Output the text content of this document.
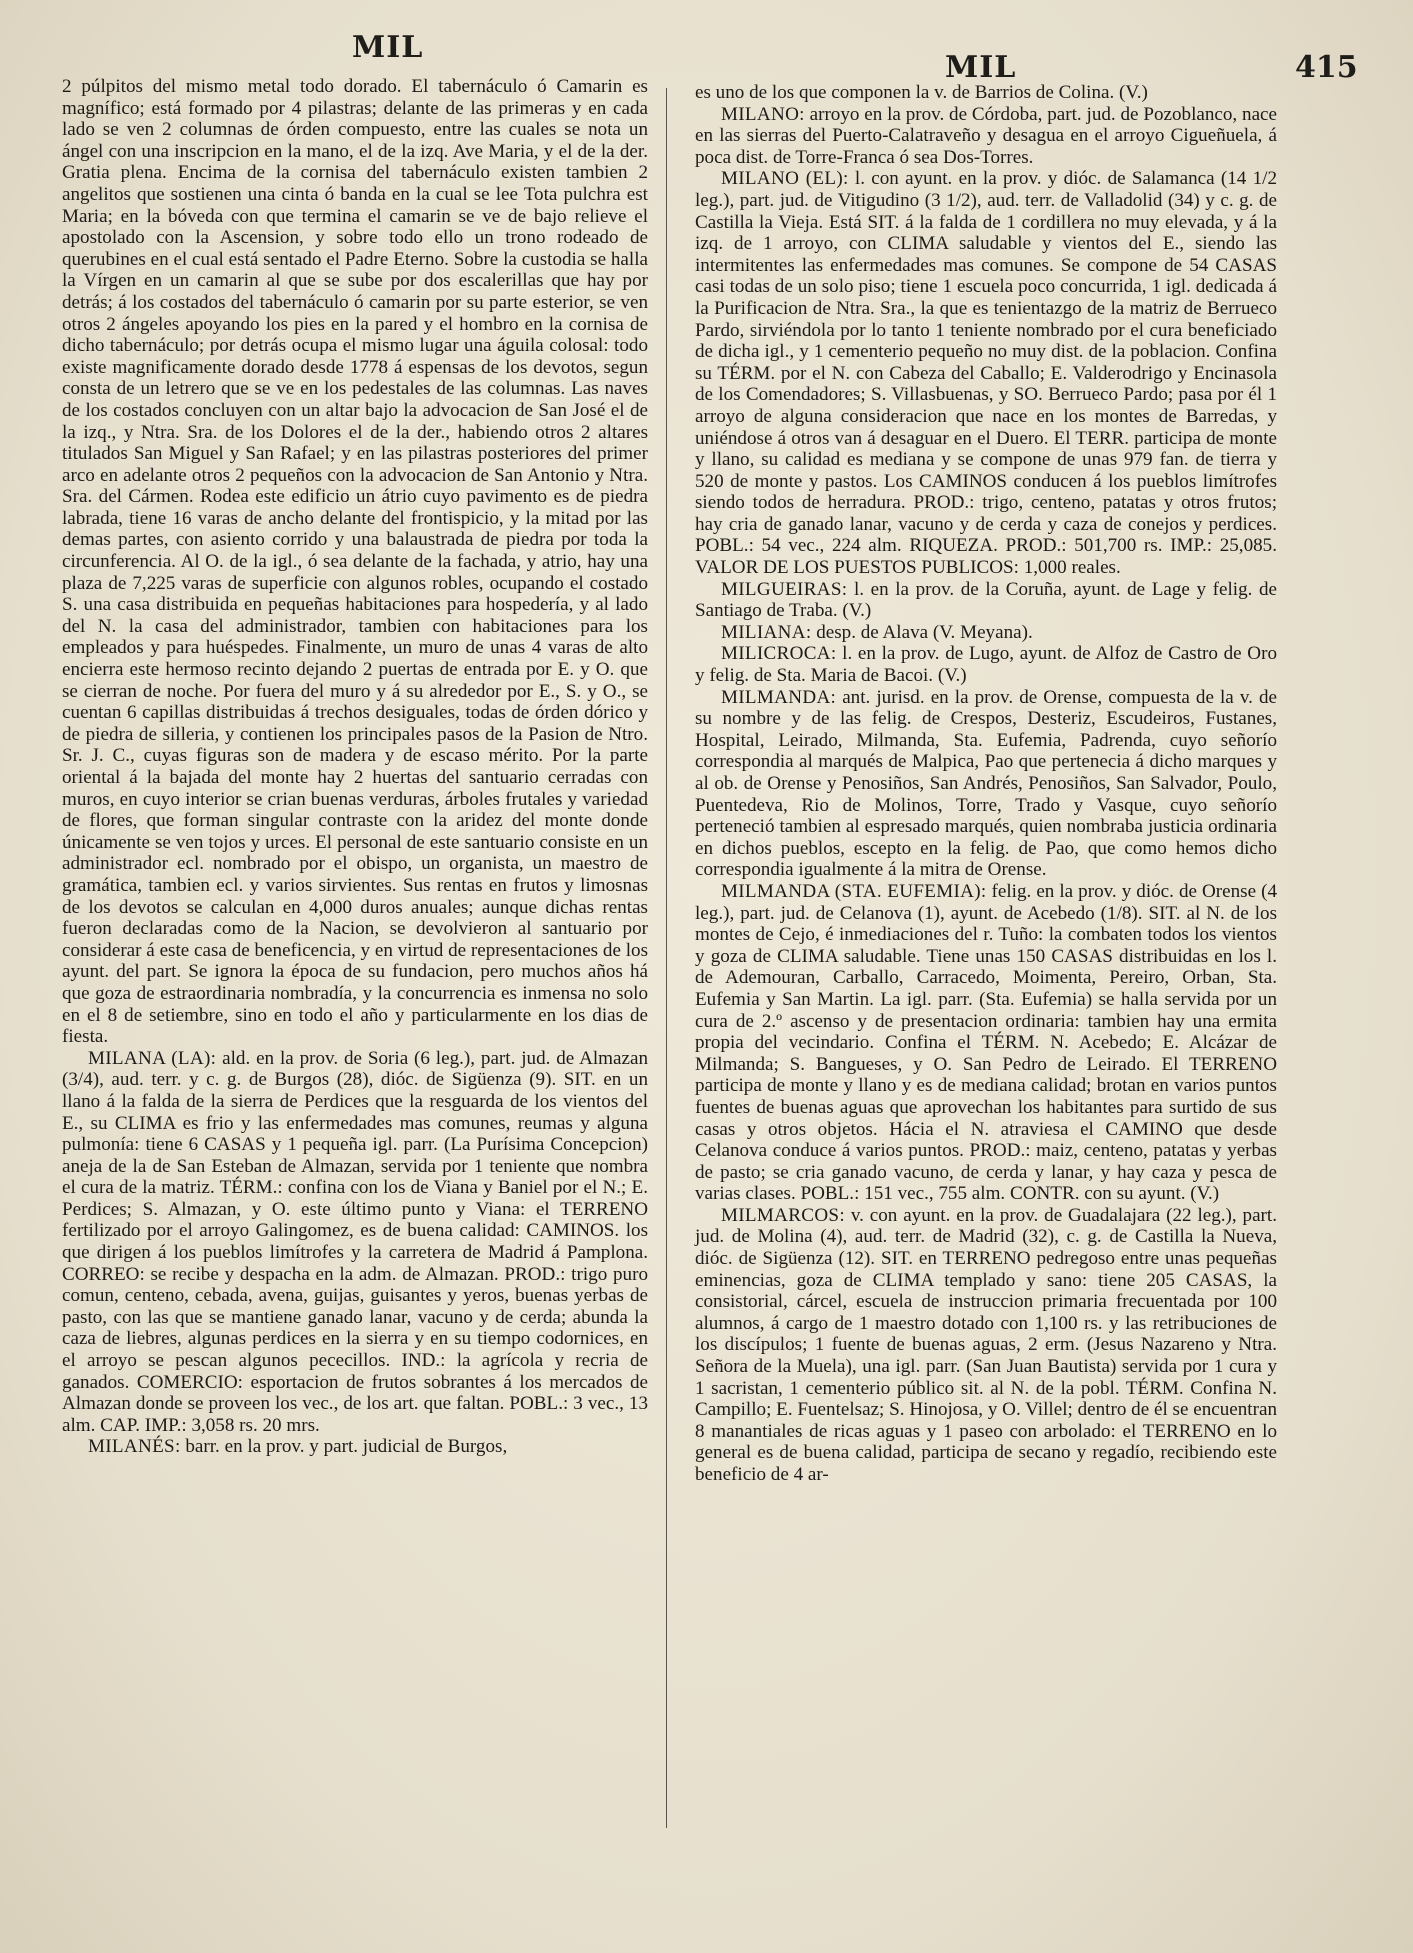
MIL
MIL	415

2 púlpitos del mismo metal todo dorado. El tabernáculo ó Camarin es magnífico; está formado por 4 pilastras; delante de las primeras y en cada lado se ven 2 columnas de órden compuesto, entre las cuales se nota un ángel con una inscripcion en la mano, el de la izq. Ave Maria, y el de la der. Gratia plena. Encima de la cornisa del tabernáculo existen tambien 2 angelitos que sostienen una cinta ó banda en la cual se lee Tota pulchra est Maria; en la bóveda con que termina el camarin se ve de bajo relieve el apostolado con la Ascension, y sobre todo ello un trono rodeado de querubines en el cual está sentado el Padre Eterno. Sobre la custodia se halla la Vírgen en un camarin al que se sube por dos escalerillas que hay por detrás; á los costados del tabernáculo ó camarin por su parte esterior, se ven otros 2 ángeles apoyando los pies en la pared y el hombro en la cornisa de dicho tabernáculo; por detrás ocupa el mismo lugar una águila colosal: todo existe magnificamente dorado desde 1778 á espensas de los devotos, segun consta de un letrero que se ve en los pedestales de las columnas. Las naves de los costados concluyen con un altar bajo la advocacion de San José el de la izq., y Ntra. Sra. de los Dolores el de la der., habiendo otros 2 altares titulados San Miguel y San Rafael; y en las pilastras posteriores del primer arco en adelante otros 2 pequeños con la advocacion de San Antonio y Ntra. Sra. del Cármen. Rodea este edificio un átrio cuyo pavimento es de piedra labrada, tiene 16 varas de ancho delante del frontispicio, y la mitad por las demas partes, con asiento corrido y una balaustrada de piedra por toda la circunferencia. Al O. de la igl., ó sea delante de la fachada, y atrio, hay una plaza de 7,225 varas de superficie con algunos robles, ocupando el costado S. una casa distribuida en pequeñas habitaciones para hospedería, y al lado del N. la casa del administrador, tambien con habitaciones para los empleados y para huéspedes. Finalmente, un muro de unas 4 varas de alto encierra este hermoso recinto dejando 2 puertas de entrada por E. y O. que se cierran de noche. Por fuera del muro y á su alrededor por E., S. y O., se cuentan 6 capillas distribuidas á trechos desiguales, todas de órden dórico y de piedra de silleria, y contienen los principales pasos de la Pasion de Ntro. Sr. J. C., cuyas figuras son de madera y de escaso mérito. Por la parte oriental á la bajada del monte hay 2 huertas del santuario cerradas con muros, en cuyo interior se crian buenas verduras, árboles frutales y variedad de flores, que forman singular contraste con la aridez del monte donde únicamente se ven tojos y urces. El personal de este santuario consiste en un administrador ecl. nombrado por el obispo, un organista, un maestro de gramática, tambien ecl. y varios sirvientes. Sus rentas en frutos y limosnas de los devotos se calculan en 4,000 duros anuales; aunque dichas rentas fueron declaradas como de la Nacion, se devolvieron al santuario por considerar á este casa de beneficencia, y en virtud de representaciones de los ayunt. del part. Se ignora la época de su fundacion, pero muchos años há que goza de estraordinaria nombradía, y la concurrencia es inmensa no solo en el 8 de setiembre, sino en todo el año y particularmente en los dias de fiesta.

MILANA (LA): ald. en la prov. de Soria (6 leg.), part. jud. de Almazan (3/4), aud. terr. y c. g. de Burgos (28), dióc. de Sigüenza (9). SIT. en un llano á la falda de la sierra de Perdices que la resguarda de los vientos del E., su CLIMA es frio y las enfermedades mas comunes, reumas y alguna pulmonía: tiene 6 CASAS y 1 pequeña igl. parr. (La Purísima Concepcion) aneja de la de San Esteban de Almazan, servida por 1 teniente que nombra el cura de la matriz. TÉRM.: confina con los de Viana y Baniel por el N.; E. Perdices; S. Almazan, y O. este último punto y Viana: el TERRENO fertilizado por el arroyo Galingomez, es de buena calidad: CAMINOS. los que dirigen á los pueblos limítrofes y la carretera de Madrid á Pamplona. CORREO: se recibe y despacha en la adm. de Almazan. PROD.: trigo puro comun, centeno, cebada, avena, guijas, guisantes y yeros, buenas yerbas de pasto, con las que se mantiene ganado lanar, vacuno y de cerda; abunda la caza de liebres, algunas perdices en la sierra y en su tiempo codornices, en el arroyo se pescan algunos pececillos. IND.: la agrícola y recria de ganados. COMERCIO: esportacion de frutos sobrantes á los mercados de Almazan donde se proveen los vec., de los art. que faltan. POBL.: 3 vec., 13 alm. CAP. IMP.: 3,058 rs. 20 mrs.

MILANÉS: barr. en la prov. y part. judicial de Burgos,

es uno de los que componen la v. de Barrios de Colina. (V.)

MILANO: arroyo en la prov. de Córdoba, part. jud. de Pozoblanco, nace en las sierras del Puerto-Calatraveño y desagua en el arroyo Cigueñuela, á poca dist. de Torre-Franca ó sea Dos-Torres.

MILANO (EL): l. con ayunt. en la prov. y dióc. de Salamanca (14 1/2 leg.), part. jud. de Vitigudino (3 1/2), aud. terr. de Valladolid (34) y c. g. de Castilla la Vieja. Está SIT. á la falda de 1 cordillera no muy elevada, y á la izq. de 1 arroyo, con CLIMA saludable y vientos del E., siendo las intermitentes las enfermedades mas comunes. Se compone de 54 CASAS casi todas de un solo piso; tiene 1 escuela poco concurrida, 1 igl. dedicada á la Purificacion de Ntra. Sra., la que es tenientazgo de la matriz de Berrueco Pardo, sirviéndola por lo tanto 1 teniente nombrado por el cura beneficiado de dicha igl., y 1 cementerio pequeño no muy dist. de la poblacion. Confina su TÉRM. por el N. con Cabeza del Caballo; E. Valderodrigo y Encinasola de los Comendadores; S. Villasbuenas, y SO. Berrueco Pardo; pasa por él 1 arroyo de alguna consideracion que nace en los montes de Barredas, y uniéndose á otros van á desaguar en el Duero. El TERR. participa de monte y llano, su calidad es mediana y se compone de unas 979 fan. de tierra y 520 de monte y pastos. Los CAMINOS conducen á los pueblos limítrofes siendo todos de herradura. PROD.: trigo, centeno, patatas y otros frutos; hay cria de ganado lanar, vacuno y de cerda y caza de conejos y perdices. POBL.: 54 vec., 224 alm. RIQUEZA. PROD.: 501,700 rs. IMP.: 25,085. VALOR DE LOS PUESTOS PUBLICOS: 1,000 reales.

MILGUEIRAS: l. en la prov. de la Coruña, ayunt. de Lage y felig. de Santiago de Traba. (V.)

MILIANA: desp. de Alava (V. Meyana).

MILICROCA: l. en la prov. de Lugo, ayunt. de Alfoz de Castro de Oro y felig. de Sta. Maria de Bacoi. (V.)

MILMANDA: ant. jurisd. en la prov. de Orense, compuesta de la v. de su nombre y de las felig. de Crespos, Desteriz, Escudeiros, Fustanes, Hospital, Leirado, Milmanda, Sta. Eufemia, Padrenda, cuyo señorío correspondia al marqués de Malpica, Pao que pertenecia á dicho marques y al ob. de Orense y Penosiños, San Andrés, Penosiños, San Salvador, Poulo, Puentedeva, Rio de Molinos, Torre, Trado y Vasque, cuyo señorío perteneció tambien al espresado marqués, quien nombraba justicia ordinaria en dichos pueblos, escepto en la felig. de Pao, que como hemos dicho correspondia igualmente á la mitra de Orense.

MILMANDA (STA. EUFEMIA): felig. en la prov. y dióc. de Orense (4 leg.), part. jud. de Celanova (1), ayunt. de Acebedo (1/8). SIT. al N. de los montes de Cejo, é inmediaciones del r. Tuño: la combaten todos los vientos y goza de CLIMA saludable. Tiene unas 150 CASAS distribuidas en los l. de Ademouran, Carballo, Carracedo, Moimenta, Pereiro, Orban, Sta. Eufemia y San Martin. La igl. parr. (Sta. Eufemia) se halla servida por un cura de 2.º ascenso y de presentacion ordinaria: tambien hay una ermita propia del vecindario. Confina el TÉRM. N. Acebedo; E. Alcázar de Milmanda; S. Bangueses, y O. San Pedro de Leirado. El TERRENO participa de monte y llano y es de mediana calidad; brotan en varios puntos fuentes de buenas aguas que aprovechan los habitantes para surtido de sus casas y otros objetos. Hácia el N. atraviesa el CAMINO que desde Celanova conduce á varios puntos. PROD.: maiz, centeno, patatas y yerbas de pasto; se cria ganado vacuno, de cerda y lanar, y hay caza y pesca de varias clases. POBL.: 151 vec., 755 alm. CONTR. con su ayunt. (V.)

MILMARCOS: v. con ayunt. en la prov. de Guadalajara (22 leg.), part. jud. de Molina (4), aud. terr. de Madrid (32), c. g. de Castilla la Nueva, dióc. de Sigüenza (12). SIT. en TERRENO pedregoso entre unas pequeñas eminencias, goza de CLIMA templado y sano: tiene 205 CASAS, la consistorial, cárcel, escuela de instruccion primaria frecuentada por 100 alumnos, á cargo de 1 maestro dotado con 1,100 rs. y las retribuciones de los discípulos; 1 fuente de buenas aguas, 2 erm. (Jesus Nazareno y Ntra. Señora de la Muela), una igl. parr. (San Juan Bautista) servida por 1 cura y 1 sacristan, 1 cementerio público sit. al N. de la pobl. TÉRM. Confina N. Campillo; E. Fuentelsaz; S. Hinojosa, y O. Villel; dentro de él se encuentran 8 manantiales de ricas aguas y 1 paseo con arbolado: el TERRENO en lo general es de buena calidad, participa de secano y regadío, recibiendo este beneficio de 4 ar-
